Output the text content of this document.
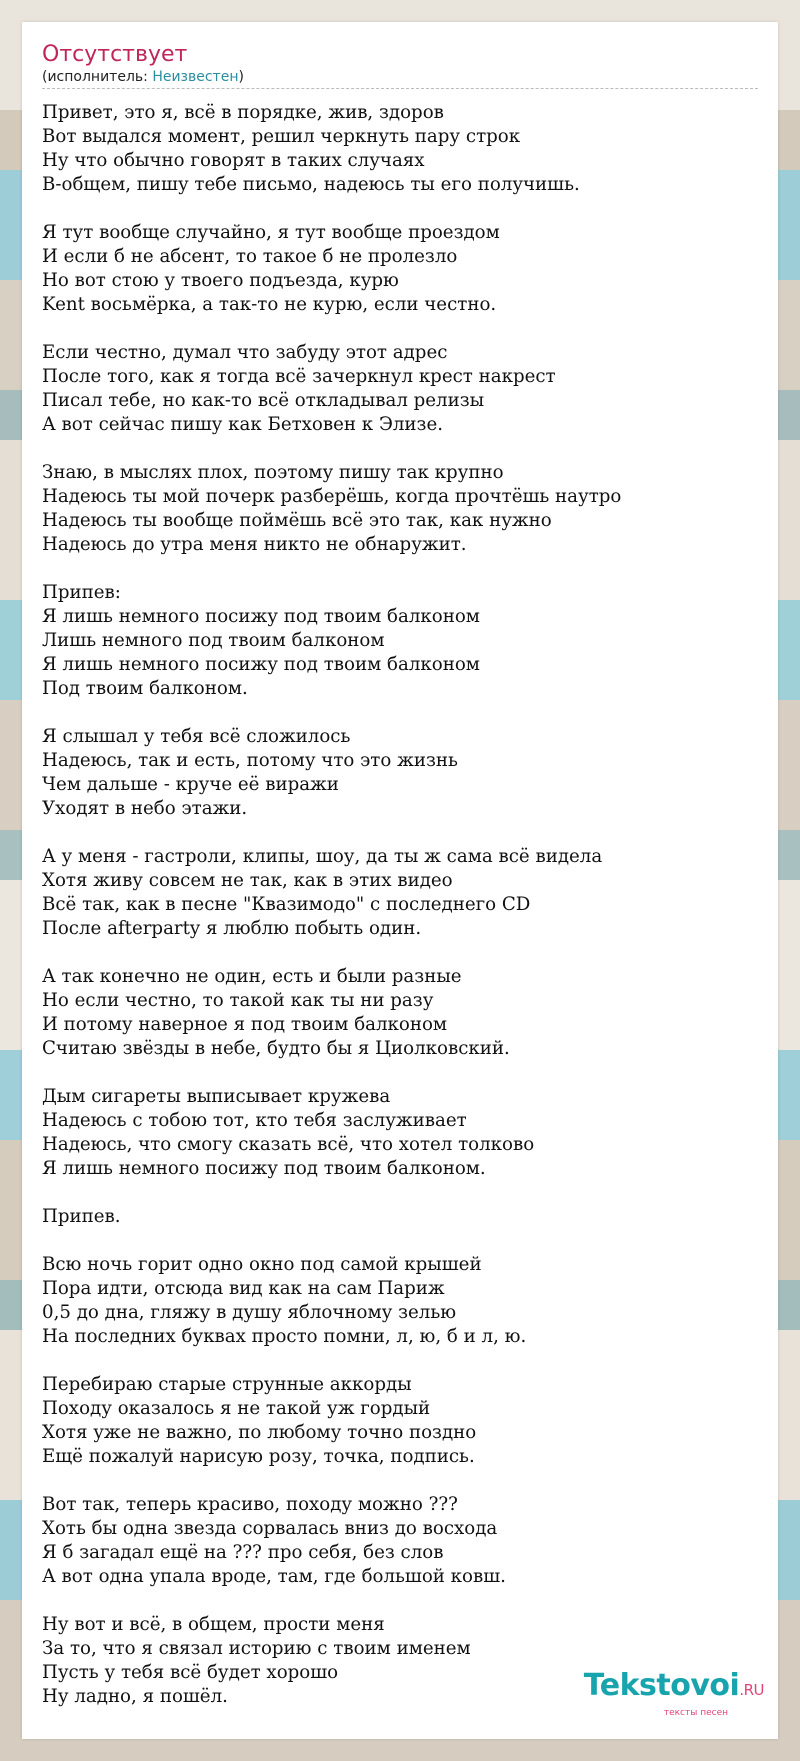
Отсутствует
(исполнитель: Неизвестен)
Привет, это я, всё в порядке, жив, здоров
Вот выдался момент, решил черкнуть пару строк
Ну что обычно говорят в таких случаях
В-общем, пишу тебе письмо, надеюсь ты его получишь.
Я тут вообще случайно, я тут вообще проездом
И если б не абсент, то такое б не пролезло
Но вот стою у твоего подъезда, курю
Kent восьмёрка, а так-то не курю, если честно.
Если честно, думал что забуду этот адрес
После того, как я тогда всё зачеркнул крест накрест
Писал тебе, но как-то всё откладывал релизы
А вот сейчас пишу как Бетховен к Элизе.
Знаю, в мыслях плох, поэтому пишу так крупно
Надеюсь ты мой почерк разберёшь, когда прочтёшь наутро
Надеюсь ты вообще поймёшь всё это так, как нужно
Надеюсь до утра меня никто не обнаружит.
Припев:
Я лишь немного посижу под твоим балконом
Лишь немного под твоим балконом
Я лишь немного посижу под твоим балконом
Под твоим балконом.
Я слышал у тебя всё сложилось
Надеюсь, так и есть, потому что это жизнь
Чем дальше - круче её виражи
Уходят в небо этажи.
А у меня - гастроли, клипы, шоу, да ты ж сама всё видела
Хотя живу совсем не так, как в этих видео
Всё так, как в песне "Квазимодо" с последнего CD
После afterparty я люблю побыть один.
А так конечно не один, есть и были разные
Но если честно, то такой как ты ни разу
И потому наверное я под твоим балконом
Считаю звёзды в небе, будто бы я Циолковский.
Дым сигареты выписывает кружева
Надеюсь с тобою тот, кто тебя заслуживает
Надеюсь, что смогу сказать всё, что хотел толково
Я лишь немного посижу под твоим балконом.
Припев.
Всю ночь горит одно окно под самой крышей
Пора идти, отсюда вид как на сам Париж
0,5 до дна, гляжу в душу яблочному зелью
На последних буквах просто помни, л, ю, б и л, ю.
Перебираю старые струнные аккорды
Походу оказалось я не такой уж гордый
Хотя уже не важно, по любому точно поздно
Ещё пожалуй нарисую розу, точка, подпись.
Вот так, теперь красиво, походу можно ???
Хоть бы одна звезда сорвалась вниз до восхода
Я б загадал ещё на ??? про себя, без слов
А вот одна упала вроде, там, где большой ковш.
Ну вот и всё, в общем, прости меня
За то, что я связал историю с твоим именем
Пусть у тебя всё будет хорошо
Ну ладно, я пошёл.	Tekstovoi.RU
тексты песен
